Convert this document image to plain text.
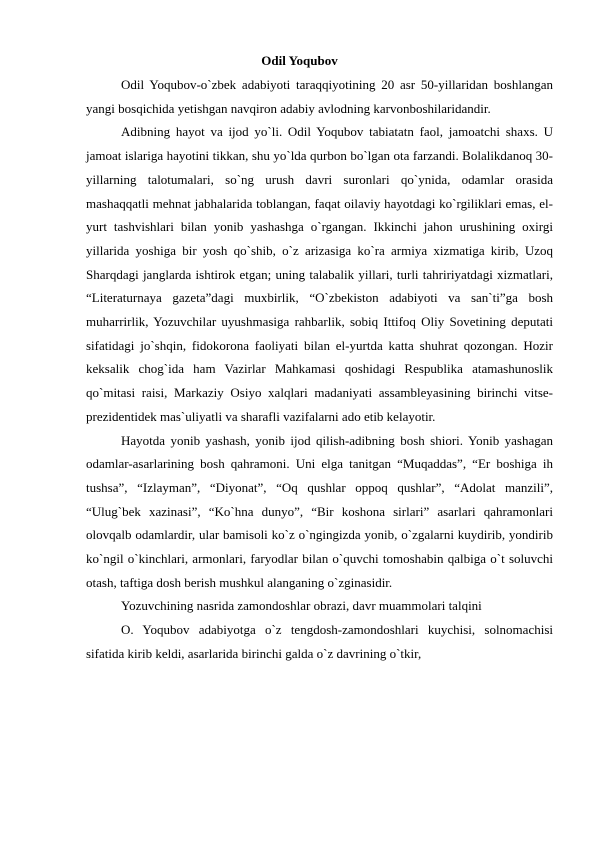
Odil Yoqubov

Odil Yoqubov-o`zbek adabiyoti taraqqiyotining 20 asr 50-yillaridan boshlangan yangi bosqichida yetishgan navqiron adabiy avlodning karvonboshilaridandir.

Adibning hayot va ijod yo`li. Odil Yoqubov tabiatatn faol, jamoatchi shaxs. U jamoat islariga hayotini tikkan, shu yo`lda qurbon bo`lgan ota farzandi. Bolalikdanoq 30-yillarning talotumalari, so`ng urush davri suronlari qo`ynida, odamlar orasida mashaqqatli mehnat jabhalarida toblangan, faqat oilaviy hayotdagi ko`rgiliklari emas, el-yurt tashvishlari bilan yonib yashashga o`rgangan. Ikkinchi jahon urushining oxirgi yillarida yoshiga bir yosh qo`shib, o`z arizasiga ko`ra armiya xizmatiga kirib, Uzoq Sharqdagi janglarda ishtirok etgan; uning talabalik yillari, turli tahririyatdagi xizmatlari, “Literaturnaya gazeta”dagi muxbirlik, “O`zbekiston adabiyoti va san`ti”ga bosh muharrirlik, Yozuvchilar uyushmasiga rahbarlik, sobiq Ittifoq Oliy Sovetining deputati sifatidagi jo`shqin, fidokorona faoliyati bilan el-yurtda katta shuhrat qozongan. Hozir keksalik chog`ida ham Vazirlar Mahkamasi qoshidagi Respublika atamashunoslik qo`mitasi raisi, Markaziy Osiyo xalqlari madaniyati assambleyasining birinchi vitse-prezidentidek mas`uliyatli va sharafli vazifalarni ado etib kelayotir.

Hayotda yonib yashash, yonib ijod qilish-adibning bosh shiori. Yonib yashagan odamlar-asarlarining bosh qahramoni. Uni elga tanitgan “Muqaddas”, “Er boshiga ih tushsa”, “Izlayman”, “Diyonat”, “Oq qushlar oppoq qushlar”, “Adolat manzili”, “Ulug`bek xazinasi”, “Ko`hna dunyo”, “Bir koshona sirlari” asarlari qahramonlari olovqalb odamlardir, ular bamisoli ko`z o`ngingizda yonib, o`zgalarni kuydirib, yondirib ko`ngil o`kinchlari, armonlari, faryodlar bilan o`quvchi tomoshabin qalbiga o`t soluvchi otash, taftiga dosh berish mushkul alanganing o`zginasidir.

Yozuvchining nasrida zamondoshlar obrazi, davr muammolari talqini

O. Yoqubov adabiyotga o`z tengdosh-zamondoshlari kuychisi, solnomachisi sifatida kirib keldi, asarlarida birinchi galda o`z davrining o`tkir,
